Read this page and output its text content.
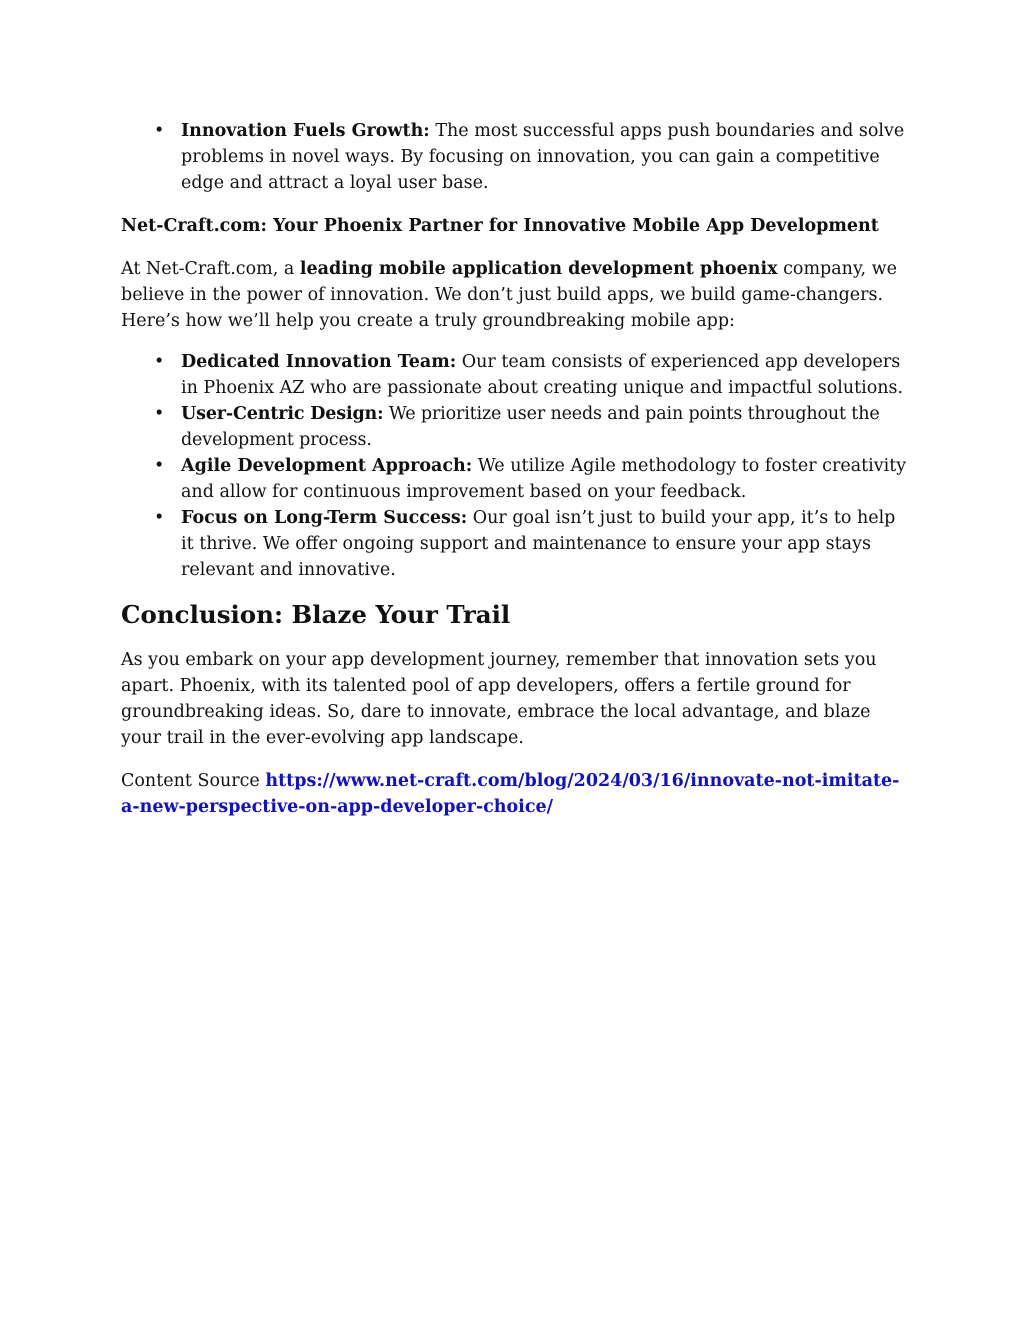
• Innovation Fuels Growth: The most successful apps push boundaries and solve problems in novel ways. By focusing on innovation, you can gain a competitive edge and attract a loyal user base.

Net-Craft.com: Your Phoenix Partner for Innovative Mobile App Development

At Net-Craft.com, a leading mobile application development phoenix company, we believe in the power of innovation. We don’t just build apps, we build game-changers. Here’s how we’ll help you create a truly groundbreaking mobile app:

• Dedicated Innovation Team: Our team consists of experienced app developers in Phoenix AZ who are passionate about creating unique and impactful solutions.
• User-Centric Design: We prioritize user needs and pain points throughout the development process.
• Agile Development Approach: We utilize Agile methodology to foster creativity and allow for continuous improvement based on your feedback.
• Focus on Long-Term Success: Our goal isn’t just to build your app, it’s to help it thrive. We offer ongoing support and maintenance to ensure your app stays relevant and innovative.
Conclusion: Blaze Your Trail

As you embark on your app development journey, remember that innovation sets you apart. Phoenix, with its talented pool of app developers, offers a fertile ground for groundbreaking ideas. So, dare to innovate, embrace the local advantage, and blaze your trail in the ever-evolving app landscape.

Content Source https://www.net-craft.com/blog/2024/03/16/innovate-not-imitate-a-new-perspective-on-app-developer-choice/
